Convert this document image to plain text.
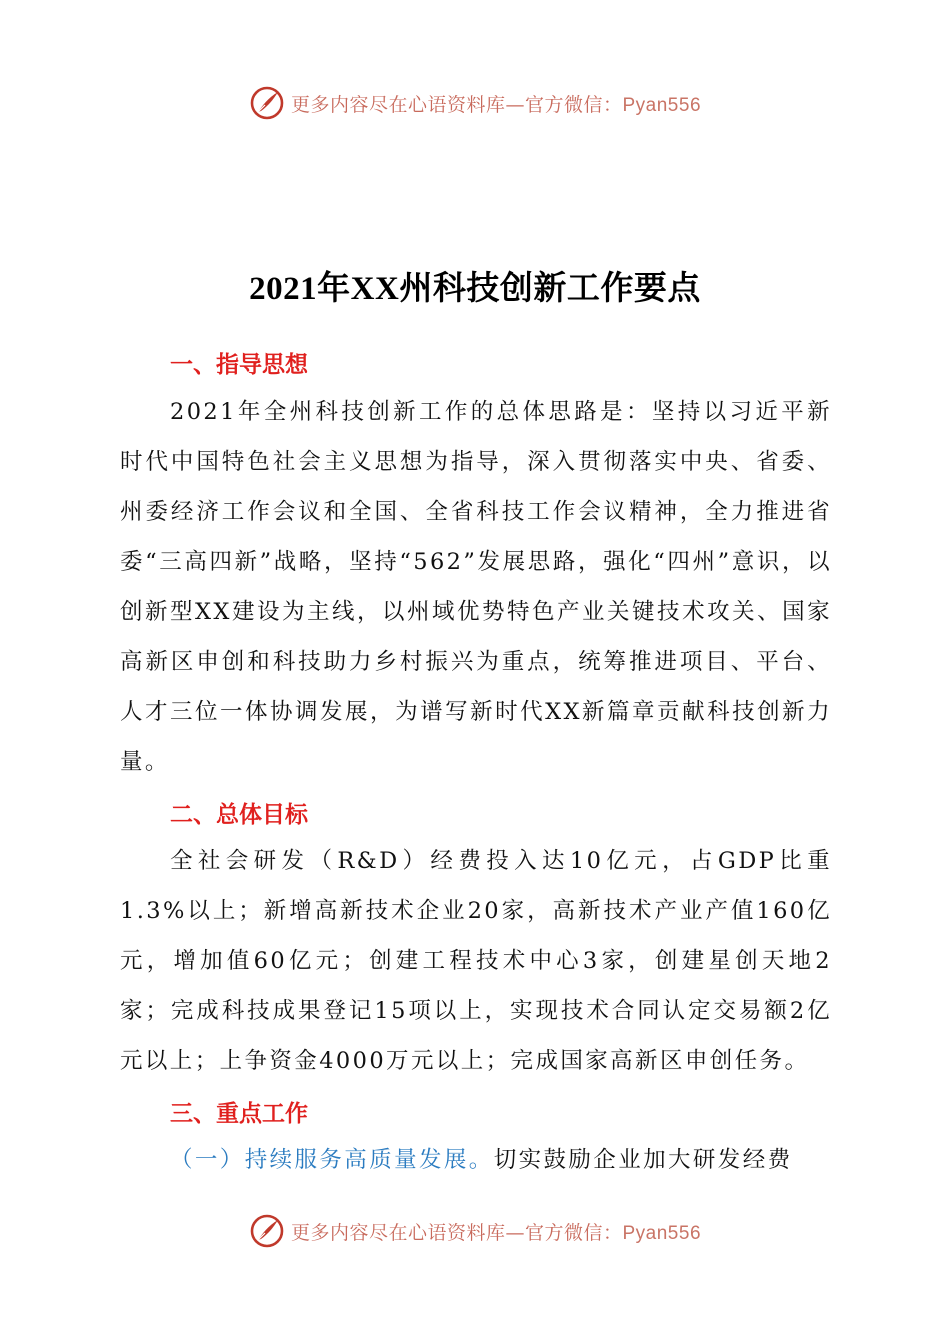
更多内容尽在心语资料库—官方微信：Pyan556
2021年XX州科技创新工作要点
一、指导思想

2021年全州科技创新工作的总体思路是：坚持以习近平新时代中国特色社会主义思想为指导，深入贯彻落实中央、省委、州委经济工作会议和全国、全省科技工作会议精神，全力推进省委“三高四新”战略，坚持“562”发展思路，强化“四州”意识，以创新型XX建设为主线，以州域优势特色产业关键技术攻关、国家高新区申创和科技助力乡村振兴为重点，统筹推进项目、平台、人才三位一体协调发展，为谱写新时代XX新篇章贡献科技创新力量。

二、总体目标

全社会研发（R&D）经费投入达10亿元，占GDP比重1.3%以上；新增高新技术企业20家，高新技术产业产值160亿元，增加值60亿元；创建工程技术中心3家，创建星创天地2家；完成科技成果登记15项以上，实现技术合同认定交易额2亿元以上；上争资金4000万元以上；完成国家高新区申创任务。

三、重点工作

（一）持续服务高质量发展。切实鼓励企业加大研发经费

更多内容尽在心语资料库—官方微信：Pyan556
